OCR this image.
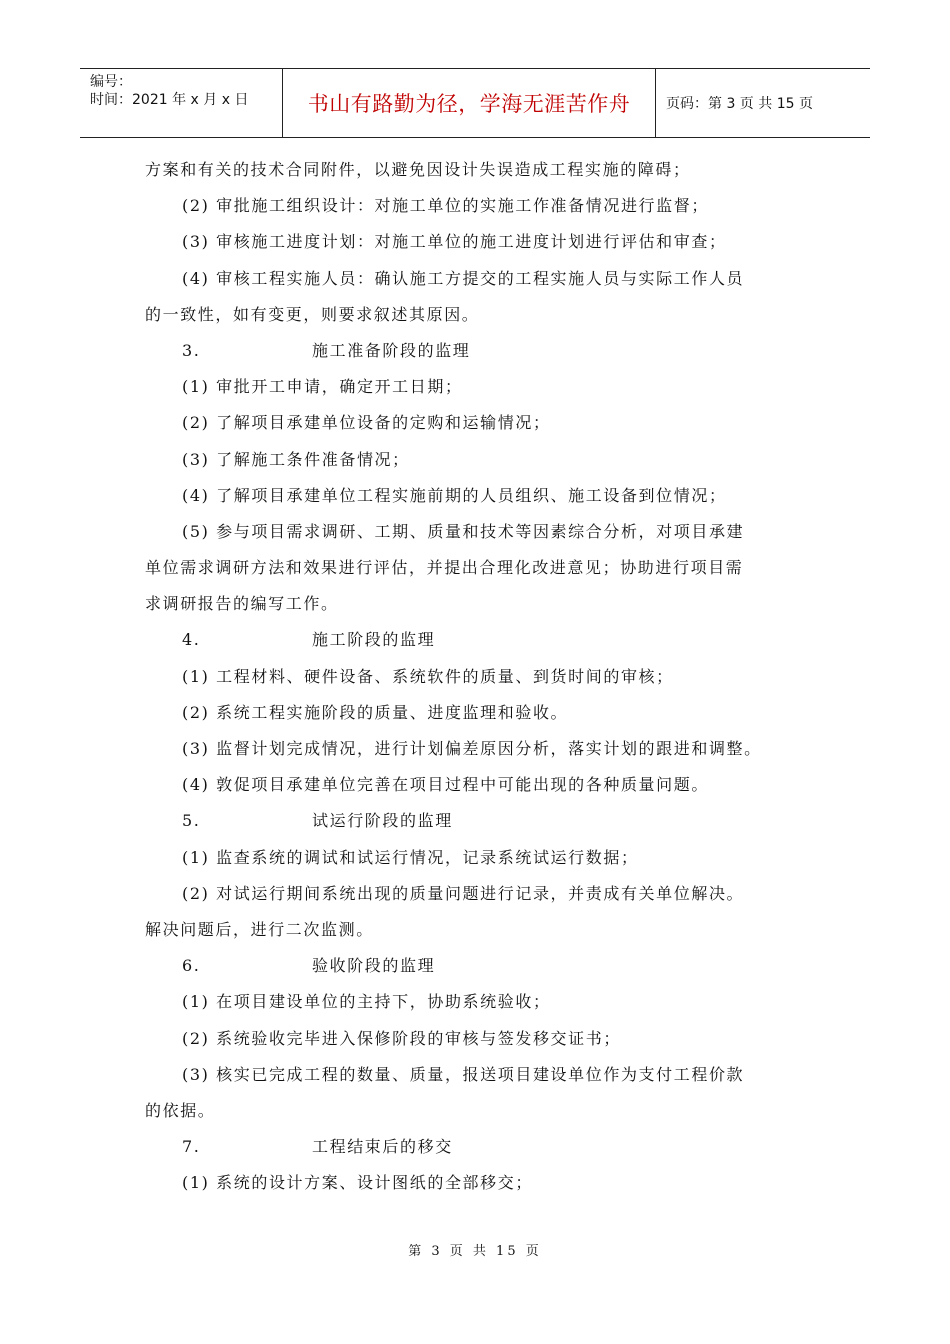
编号：
时间：2021 年 x 月 x 日	书山有路勤为径，学海无涯苦作舟	页码：第 3 页 共 15 页
方案和有关的技术合同附件，以避免因设计失误造成工程实施的障碍；
(2) 审批施工组织设计：对施工单位的实施工作准备情况进行监督；
(3) 审核施工进度计划：对施工单位的施工进度计划进行评估和审查；
(4) 审核工程实施人员：确认施工方提交的工程实施人员与实际工作人员
的一致性，如有变更，则要求叙述其原因。
3.	施工准备阶段的监理
(1) 审批开工申请，确定开工日期；
(2) 了解项目承建单位设备的定购和运输情况；
(3) 了解施工条件准备情况；
(4) 了解项目承建单位工程实施前期的人员组织、施工设备到位情况；
(5) 参与项目需求调研、工期、质量和技术等因素综合分析，对项目承建
单位需求调研方法和效果进行评估，并提出合理化改进意见；协助进行项目需
求调研报告的编写工作。
4.	施工阶段的监理
(1) 工程材料、硬件设备、系统软件的质量、到货时间的审核；
(2) 系统工程实施阶段的质量、进度监理和验收。
(3) 监督计划完成情况，进行计划偏差原因分析，落实计划的跟进和调整。
(4) 敦促项目承建单位完善在项目过程中可能出现的各种质量问题。
5.	试运行阶段的监理
(1) 监查系统的调试和试运行情况，记录系统试运行数据；
(2) 对试运行期间系统出现的质量问题进行记录，并责成有关单位解决。
解决问题后，进行二次监测。
6.	验收阶段的监理
(1) 在项目建设单位的主持下，协助系统验收；
(2) 系统验收完毕进入保修阶段的审核与签发移交证书；
(3) 核实已完成工程的数量、质量，报送项目建设单位作为支付工程价款
的依据。
7.	工程结束后的移交
(1) 系统的设计方案、设计图纸的全部移交；
第 3 页 共 15 页
